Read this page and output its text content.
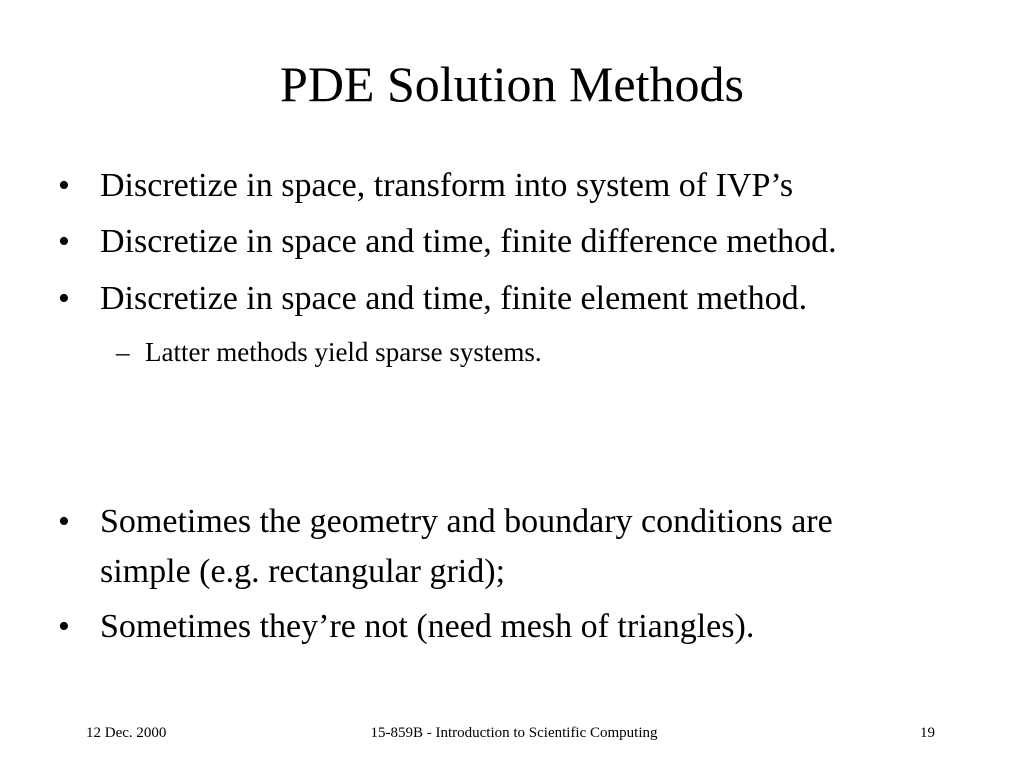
PDE Solution Methods
• Discretize in space, transform into system of IVP’s
• Discretize in space and time, finite difference method.
• Discretize in space and time, finite element method.
– Latter methods yield sparse systems.
• Sometimes the geometry and boundary conditions are
simple (e.g. rectangular grid);
• Sometimes they’re not (need mesh of triangles).
12 Dec. 2000	15-859B - Introduction to Scientific Computing	19
